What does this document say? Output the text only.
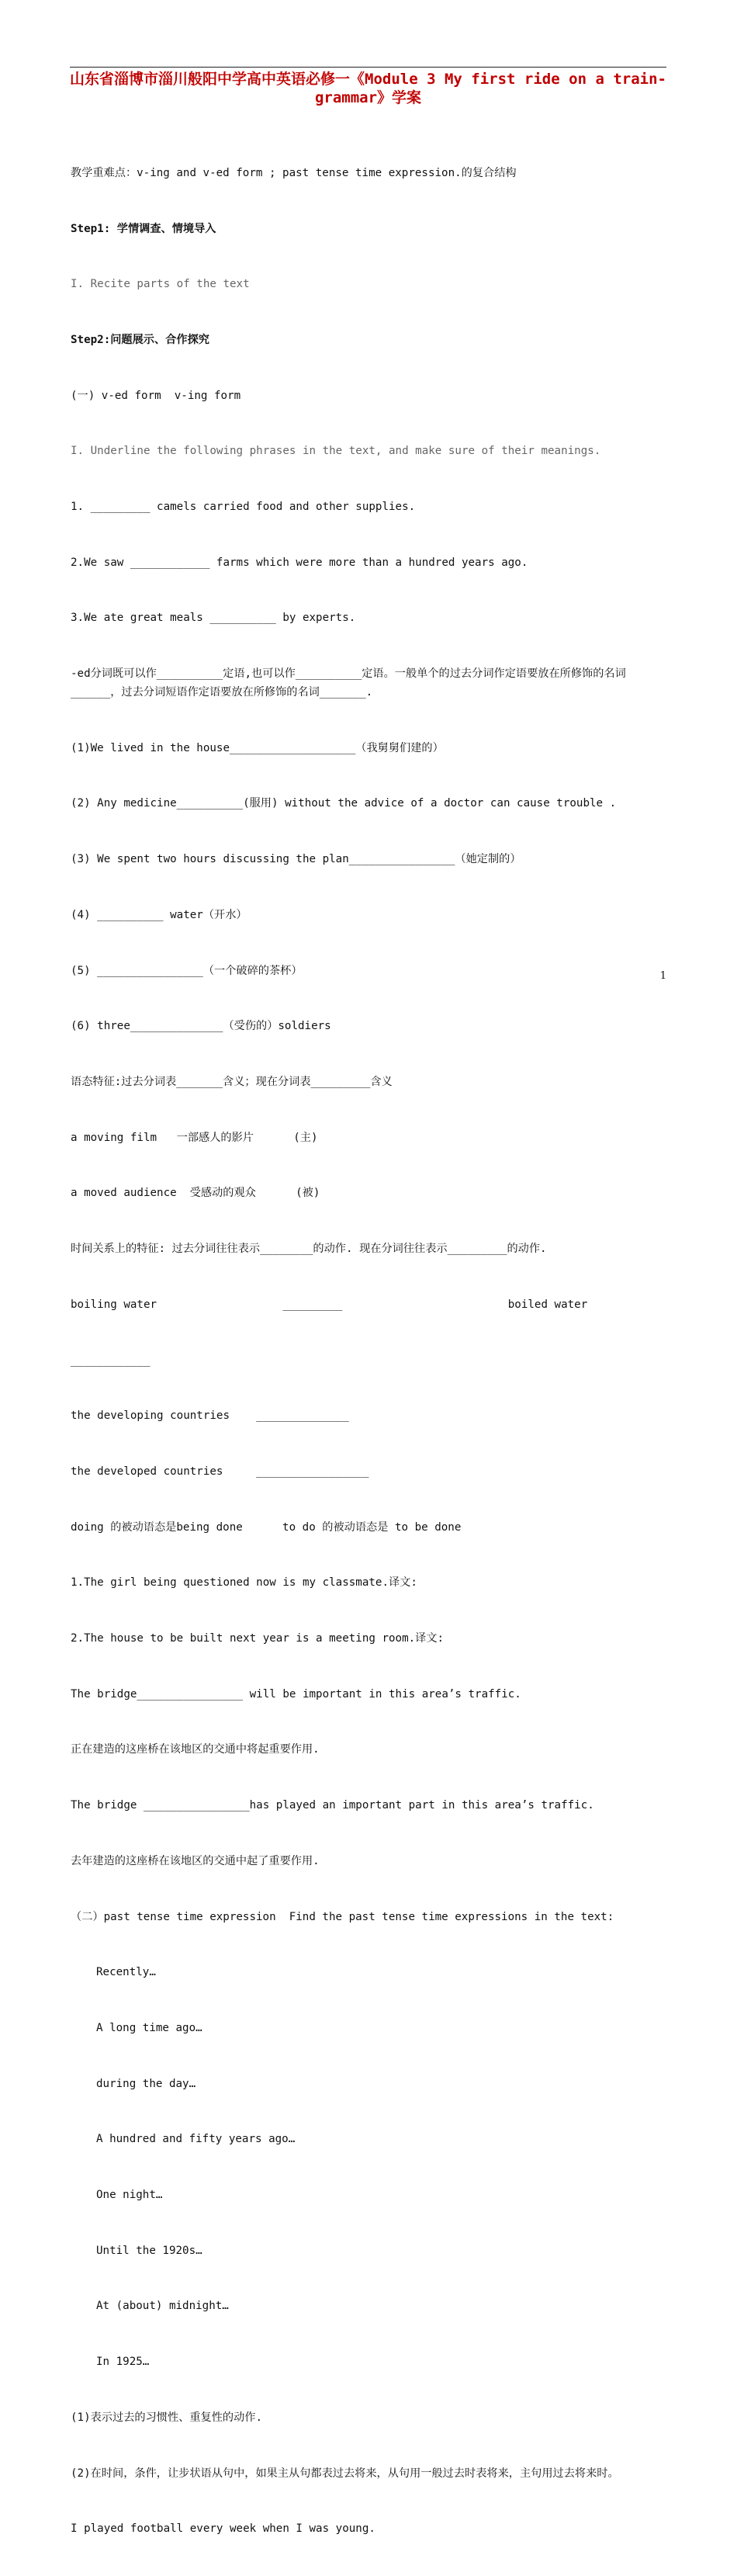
山东省淄博市淄川般阳中学高中英语必修一《Module 3 My first ride on a train-grammar》学案

教学重难点：v-ing and v-ed form ; past tense time expression.的复合结构

Step1: 学情调查、情境导入

I. Recite parts of the text

Step2:问题展示、合作探究

(一) v-ed form  v-ing form

I. Underline the following phrases in the text, and make sure of their meanings.

1. _________ camels carried food and other supplies.

2.We saw ____________ farms which were more than a hundred years ago.

3.We ate great meals __________ by experts.

-ed分词既可以作__________定语,也可以作__________定语。一般单个的过去分词作定语要放在所修饰的名词______，过去分词短语作定语要放在所修饰的名词_______.

(1)We lived in the house___________________（我舅舅们建的）

(2) Any medicine__________(服用) without the advice of a doctor can cause trouble .

(3) We spent two hours discussing the plan________________（她定制的）

(4) __________ water（开水）

(5) ________________（一个破碎的茶杯）

(6) three______________（受伤的）soldiers

语态特征:过去分词表_______含义；现在分词表_________含义

a moving film   一部感人的影片      (主)

a moved audience  受感动的观众      (被)

时间关系上的特征: 过去分词往往表示________的动作. 现在分词往往表示_________的动作.

boiling water                   _________                         boiled water

____________

the developing countries    ______________

the developed countries     _________________

doing 的被动语态是being done      to do 的被动语态是 to be done

1.The girl being questioned now is my classmate.译文:

2.The house to be built next year is a meeting room.译文:

The bridge________________ will be important in this area’s traffic.

正在建造的这座桥在该地区的交通中将起重要作用.

The bridge ________________has played an important part in this area’s traffic.

去年建造的这座桥在该地区的交通中起了重要作用.

（二）past tense time expression  Find the past tense time expressions in the text:

Recently…

A long time ago…

during the day…

A hundred and fifty years ago…

One night…

Until the 1920s…

At (about) midnight…

In 1925…

(1)表示过去的习惯性、重复性的动作.

(2)在时间，条件，让步状语从句中，如果主从句都表过去将来，从句用一般过去时表将来，主句用过去将来时。

I played football every week when I was young.

1
